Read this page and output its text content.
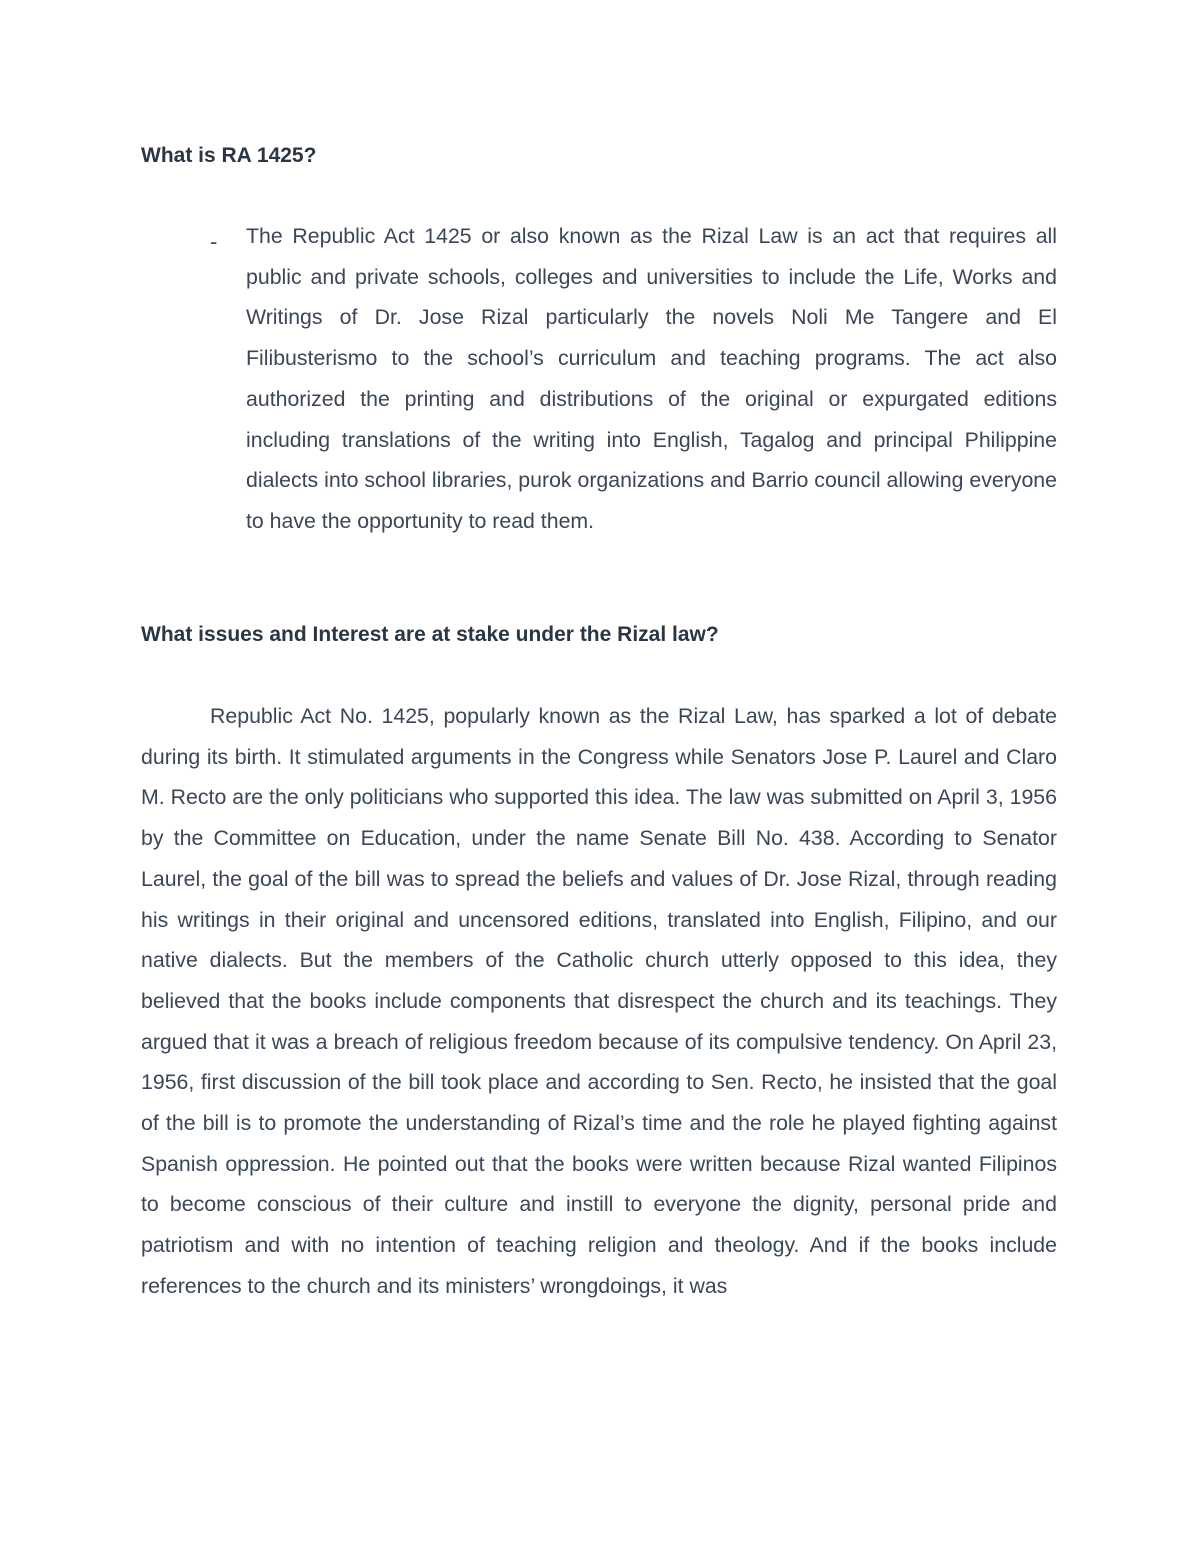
What is RA 1425?
- The Republic Act 1425 or also known as the Rizal Law is an act that requires all public and private schools, colleges and universities to include the Life, Works and Writings of Dr. Jose Rizal particularly the novels Noli Me Tangere and El Filibusterismo to the school’s curriculum and teaching programs. The act also authorized the printing and distributions of the original or expurgated editions including translations of the writing into English, Tagalog and principal Philippine dialects into school libraries, purok organizations and Barrio council allowing everyone to have the opportunity to read them.

What issues and Interest are at stake under the Rizal law?

Republic Act No. 1425, popularly known as the Rizal Law, has sparked a lot of debate during its birth. It stimulated arguments in the Congress while Senators Jose P. Laurel and Claro M. Recto are the only politicians who supported this idea. The law was submitted on April 3, 1956 by the Committee on Education, under the name Senate Bill No. 438. According to Senator Laurel, the goal of the bill was to spread the beliefs and values of Dr. Jose Rizal, through reading his writings in their original and uncensored editions, translated into English, Filipino, and our native dialects. But the members of the Catholic church utterly opposed to this idea, they believed that the books include components that disrespect the church and its teachings. They argued that it was a breach of religious freedom because of its compulsive tendency. On April 23, 1956, first discussion of the bill took place and according to Sen. Recto, he insisted that the goal of the bill is to promote the understanding of Rizal’s time and the role he played fighting against Spanish oppression. He pointed out that the books were written because Rizal wanted Filipinos to become conscious of their culture and instill to everyone the dignity, personal pride and patriotism and with no intention of teaching religion and theology. And if the books include references to the church and its ministers’ wrongdoings, it was
